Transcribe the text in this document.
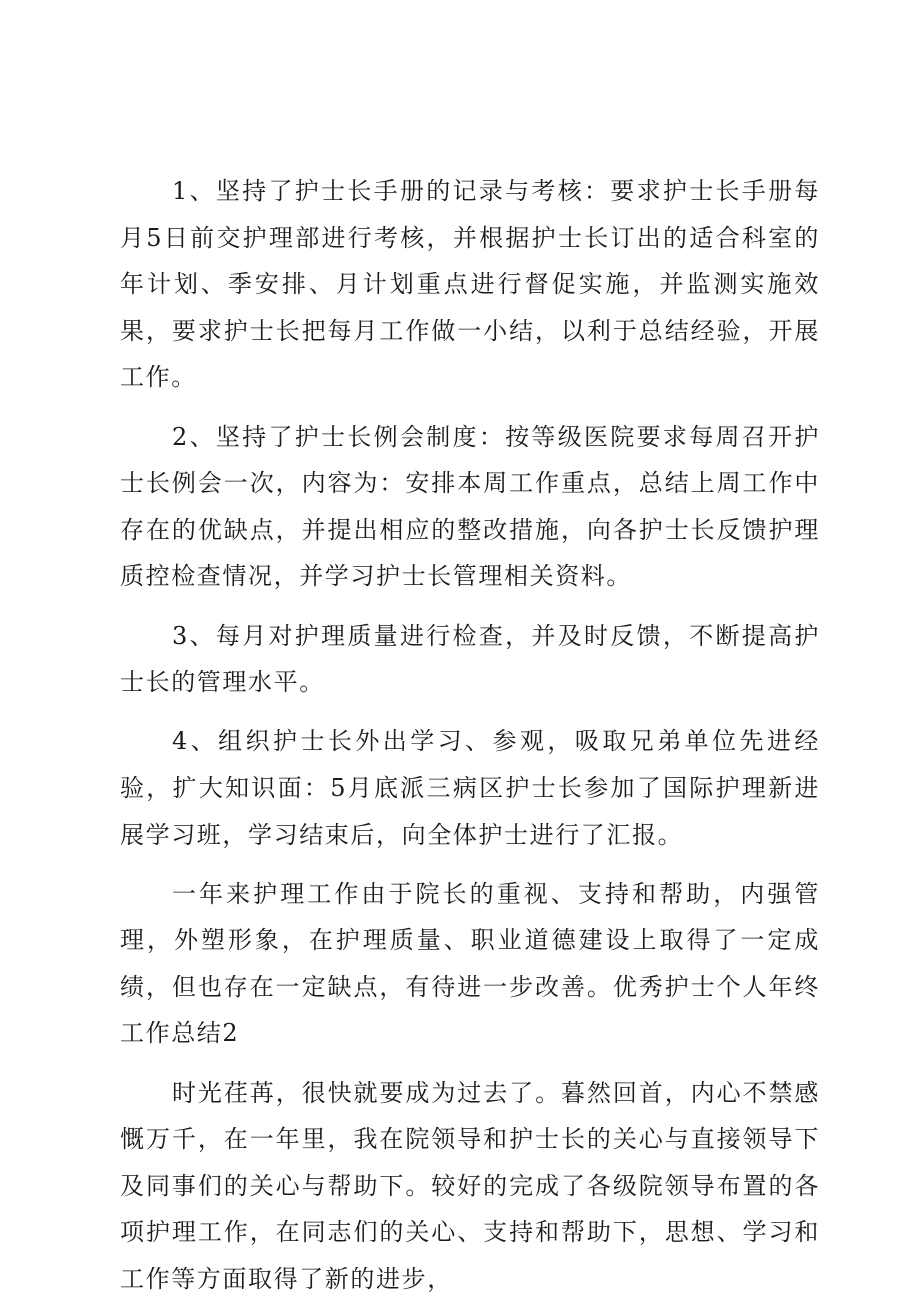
1、坚持了护士长手册的记录与考核：要求护士长手册每月5日前交护理部进行考核，并根据护士长订出的适合科室的年计划、季安排、月计划重点进行督促实施，并监测实施效果，要求护士长把每月工作做一小结，以利于总结经验，开展工作。

2、坚持了护士长例会制度：按等级医院要求每周召开护士长例会一次，内容为：安排本周工作重点，总结上周工作中存在的优缺点，并提出相应的整改措施，向各护士长反馈护理质控检查情况，并学习护士长管理相关资料。

3、每月对护理质量进行检查，并及时反馈，不断提高护士长的管理水平。

4、组织护士长外出学习、参观，吸取兄弟单位先进经验，扩大知识面：5月底派三病区护士长参加了国际护理新进展学习班，学习结束后，向全体护士进行了汇报。

一年来护理工作由于院长的重视、支持和帮助，内强管理，外塑形象，在护理质量、职业道德建设上取得了一定成绩，但也存在一定缺点，有待进一步改善。优秀护士个人年终工作总结2

时光荏苒，很快就要成为过去了。暮然回首，内心不禁感慨万千，在一年里，我在院领导和护士长的关心与直接领导下及同事们的关心与帮助下。较好的完成了各级院领导布置的各项护理工作，在同志们的关心、支持和帮助下，思想、学习和工作等方面取得了新的进步，
